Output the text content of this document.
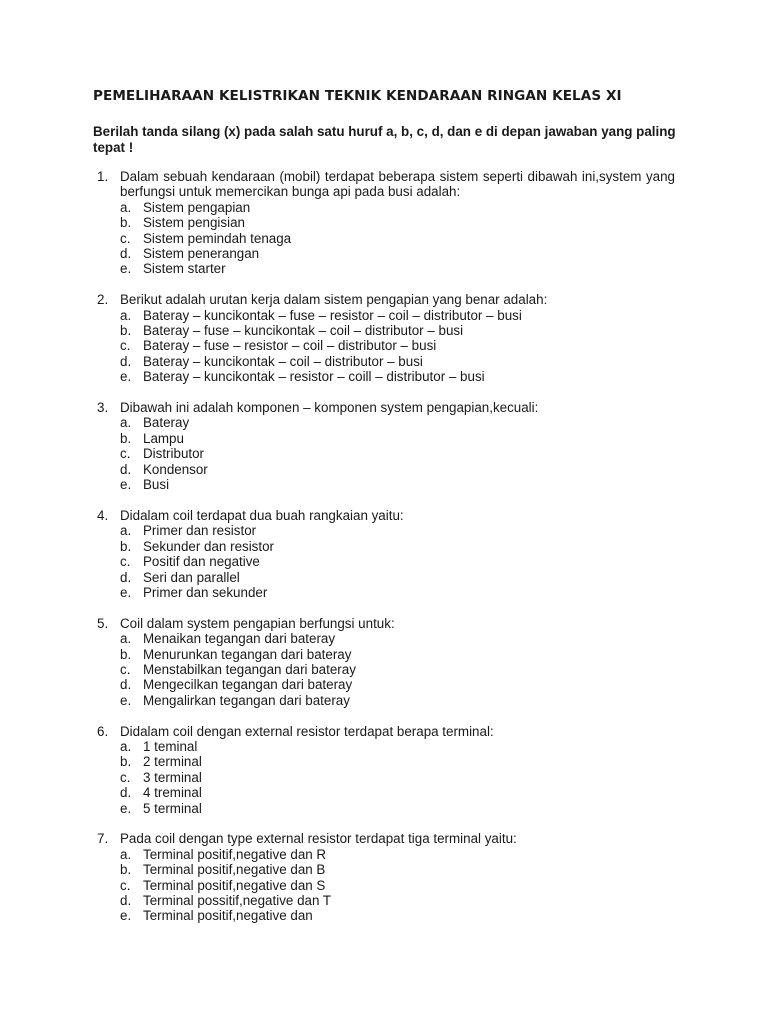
PEMELIHARAAN KELISTRIKAN TEKNIK KENDARAAN RINGAN KELAS XI

Berilah tanda silang (x) pada salah satu huruf a, b, c, d, dan e di depan jawaban yang paling tepat !

1. Dalam sebuah kendaraan (mobil) terdapat beberapa sistem seperti dibawah ini,system yang berfungsi untuk memercikan bunga api pada busi adalah:
a. Sistem pengapian
b. Sistem pengisian
c. Sistem pemindah tenaga
d. Sistem penerangan
e. Sistem starter
2. Berikut adalah urutan kerja dalam sistem pengapian yang benar adalah:
a. Bateray – kuncikontak – fuse – resistor – coil – distributor – busi
b. Bateray – fuse – kuncikontak – coil – distributor – busi
c. Bateray – fuse – resistor – coil – distributor – busi
d. Bateray – kuncikontak – coil – distributor – busi
e. Bateray – kuncikontak – resistor – coill – distributor – busi
3. Dibawah ini adalah komponen – komponen system pengapian,kecuali:
a. Bateray
b. Lampu
c. Distributor
d. Kondensor
e. Busi
4. Didalam coil terdapat dua buah rangkaian yaitu:
a. Primer dan resistor
b. Sekunder dan resistor
c. Positif dan negative
d. Seri dan parallel
e. Primer dan sekunder
5. Coil dalam system pengapian berfungsi untuk:
a. Menaikan tegangan dari bateray
b. Menurunkan tegangan dari bateray
c. Menstabilkan tegangan dari bateray
d. Mengecilkan tegangan dari bateray
e. Mengalirkan tegangan dari bateray
6. Didalam coil dengan external resistor terdapat berapa terminal:
a. 1 teminal
b. 2 terminal
c. 3 terminal
d. 4 treminal
e. 5 terminal
7. Pada coil dengan type external resistor terdapat tiga terminal yaitu:
a. Terminal positif,negative dan R
b. Terminal positif,negative dan B
c. Terminal positif,negative dan S
d. Terminal possitif,negative dan T
e. Terminal positif,negative dan
